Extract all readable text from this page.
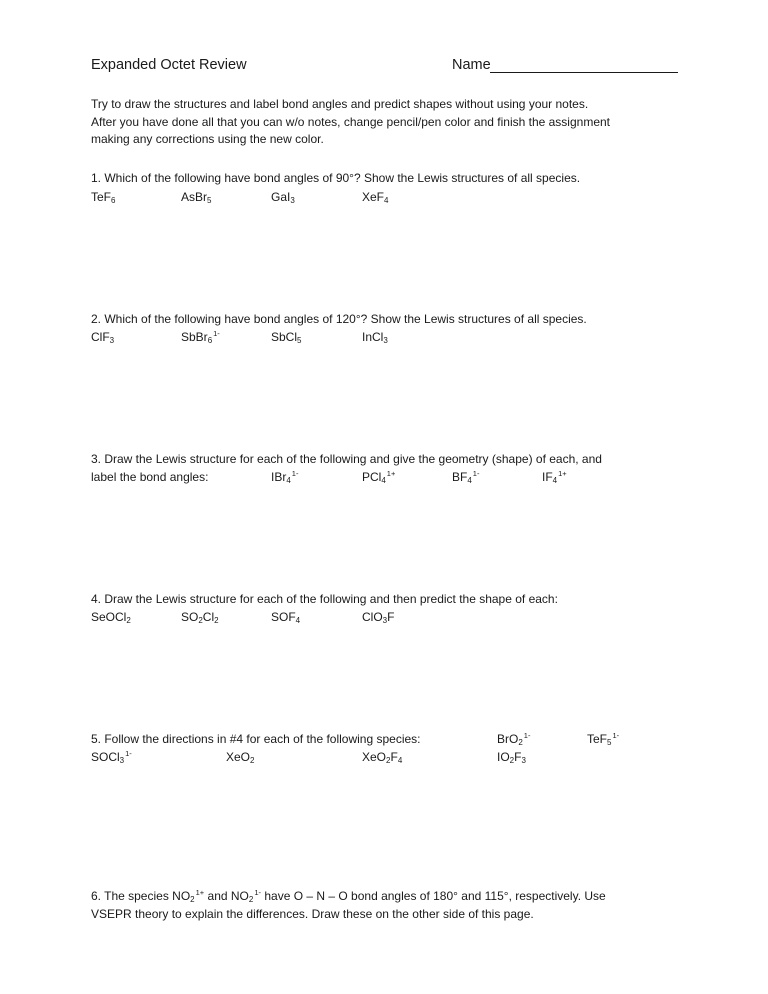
Expanded Octet Review	Name
Try to draw the structures and label bond angles and predict shapes without using your notes.
After you have done all that you can w/o notes, change pencil/pen color and finish the assignment
making any corrections using the new color.
1. Which of the following have bond angles of 90°? Show the Lewis structures of all species.
TeF$_6$	AsBr$_5$	GaI$_3$	XeF$_4$
2. Which of the following have bond angles of 120°? Show the Lewis structures of all species.
ClF$_3$	SbBr$_6^{1-}$	SbCl$_5$	InCl$_3$
3. Draw the Lewis structure for each of the following and give the geometry (shape) of each, and
label the bond angles:	IBr$_4^{1-}$	PCl$_4^{1+}$	$BF_4^{1-}$	$IF_4^{1+}$
4. Draw the Lewis structure for each of the following and then predict the shape of each:
SeOCl$_2$	$SO_2Cl_2$	$SOF_4$	ClO$_3$F
5. Follow the directions in #4 for each of the following species:	BrO$_2^{1-}$	TeF$_5^{1-}$
SOCl$_3^{1-}$	XeO$_2$	$XeO_2F_4$	$IO_2F_3$
6. The species $NO_2^{1+}$ and $NO_2^{1-}$ have O – N – O bond angles of 180° and 115°, respectively. Use
VSEPR theory to explain the differences. Draw these on the other side of this page.
